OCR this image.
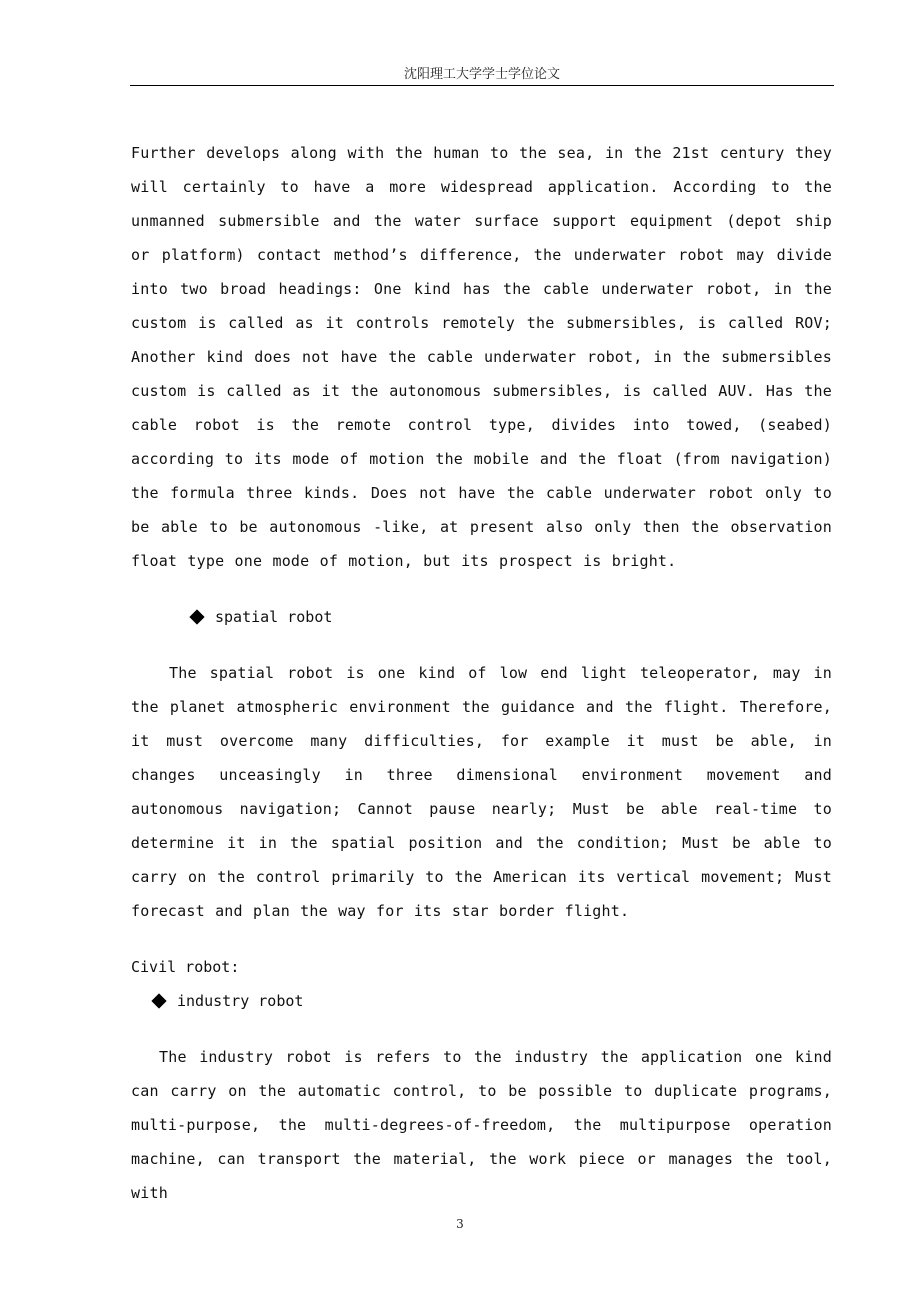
沈阳理工大学学士学位论文

Further develops along with the human to the sea, in the 21st century they will certainly to have a more widespread application. According to the unmanned submersible and the water surface support equipment (depot ship or platform) contact method’s difference, the underwater robot may divide into two broad headings: One kind has the cable underwater robot, in the custom is called as it controls remotely the submersibles, is called ROV; Another kind does not have the cable underwater robot, in the submersibles custom is called as it the autonomous submersibles, is called AUV. Has the cable robot is the remote control type, divides into towed, (seabed) according to its mode of motion the mobile and the float (from navigation) the formula three kinds. Does not have the cable underwater robot only to be able to be autonomous -like, at present also only then the observation float type one mode of motion, but its prospect is bright.

spatial robot

The spatial robot is one kind of low end light teleoperator, may in the planet atmospheric environment the guidance and the flight. Therefore, it must overcome many difficulties, for example it must be able, in changes unceasingly in three dimensional environment movement and autonomous navigation; Cannot pause nearly; Must be able real-time to determine it in the spatial position and the condition; Must be able to carry on the control primarily to the American its vertical movement; Must forecast and plan the way for its star border flight.

Civil robot:

industry robot

The industry robot is refers to the industry the application one kind can carry on the automatic control, to be possible to duplicate programs, multi-purpose, the multi-degrees-of-freedom, the multipurpose operation machine, can transport the material, the work piece or manages the tool, with

3
